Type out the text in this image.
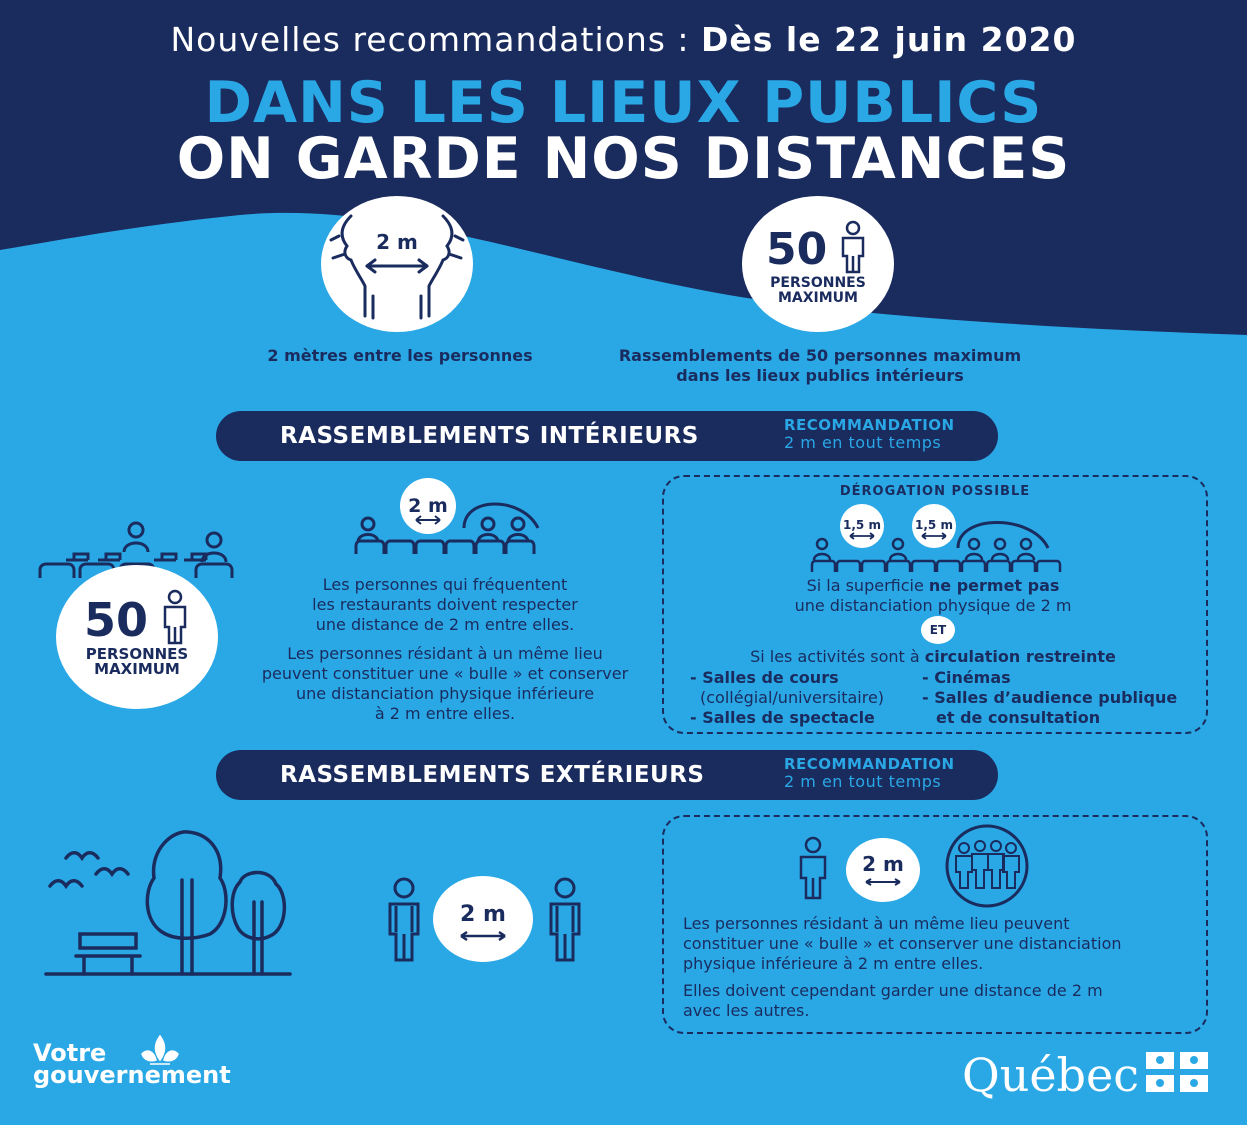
Nouvelles recommandations : Dès le 22 juin 2020
DANS LES LIEUX PUBLICS
ON GARDE NOS DISTANCES
2 m
2 mètres entre les personnes
50
PERSONNES
MAXIMUM
Rassemblements de 50 personnes maximum
dans les lieux publics intérieurs
RASSEMBLEMENTS INTÉRIEURS	RECOMMANDATION
2 m en tout temps
50
PERSONNES
MAXIMUM
2 m
Les personnes qui fréquentent
les restaurants doivent respecter
une distance de 2 m entre elles.
Les personnes résidant à un même lieu
peuvent constituer une « bulle » et conserver
une distanciation physique inférieure
à 2 m entre elles.
DÉROGATION POSSIBLE
1,5 m	1,5 m
Si la superficie ne permet pas
une distanciation physique de 2 m
ET
Si les activités sont à circulation restreinte
- Salles de cours
(collégial/universitaire)
- Salles de spectacle
- Cinémas
- Salles d’audience publique
et de consultation
RASSEMBLEMENTS EXTÉRIEURS	RECOMMANDATION
2 m en tout temps
2 m
2 m
Les personnes résidant à un même lieu peuvent
constituer une « bulle » et conserver une distanciation
physique inférieure à 2 m entre elles.
Elles doivent cependant garder une distance de 2 m
avec les autres.
Votre
gouvernement	Québec
